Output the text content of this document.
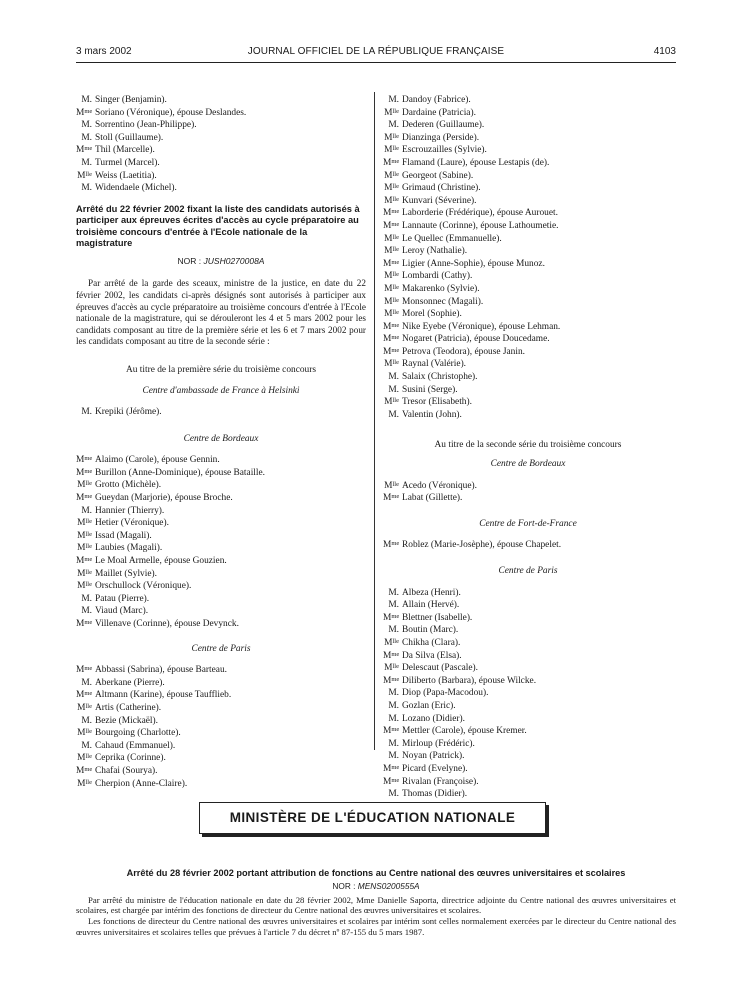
3 mars 2002	JOURNAL OFFICIEL DE LA RÉPUBLIQUE FRANÇAISE	4103
M. Singer (Benjamin).
$M^{me}$ Soriano (Véronique), épouse Deslandes.
M. Sorrentino (Jean-Philippe).
M. Stoll (Guillaume).
$M^{me}$ Thil (Marcelle).
M. Turmel (Marcel).
$M^{lle}$ Weiss (Laetitia).
M. Widendaele (Michel).
Arrêté du 22 février 2002 fixant la liste des candidats autorisés à participer aux épreuves écrites d'accès au cycle préparatoire au troisième concours d'entrée à l'Ecole nationale de la magistrature
NOR : JUSH0270008A
Par arrêté de la garde des sceaux, ministre de la justice, en date du 22 février 2002, les candidats ci-après désignés sont autorisés à participer aux épreuves d'accès au cycle préparatoire au troisième concours d'entrée à l'Ecole nationale de la magistrature, qui se dérouleront les 4 et 5 mars 2002 pour les candidats composant au titre de la première série et les 6 et 7 mars 2002 pour les candidats composant au titre de la seconde série :
Au titre de la première série du troisième concours
Centre d'ambassade de France à Helsinki
M. Krepiki (Jérôme).
Centre de Bordeaux
$M^{me}$ Alaimo (Carole), épouse Gennin.
$M^{me}$ Burillon (Anne-Dominique), épouse Bataille.
$M^{lle}$ Grotto (Michèle).
$M^{me}$ Gueydan (Marjorie), épouse Broche.
M. Hannier (Thierry).
$M^{lle}$ Hetier (Véronique).
$M^{lle}$ Issad (Magali).
$M^{lle}$ Laubies (Magali).
$M^{me}$ Le Moal Armelle, épouse Gouzien.
$M^{lle}$ Maillet (Sylvie).
$M^{lle}$ Orschullock (Véronique).
M. Patau (Pierre).
M. Viaud (Marc).
$M^{me}$ Villenave (Corinne), épouse Devynck.
Centre de Paris
$M^{me}$ Abbassi (Sabrina), épouse Barteau.
M. Aberkane (Pierre).
$M^{me}$ Altmann (Karine), épouse Taufflieb.
$M^{lle}$ Artis (Catherine).
M. Bezie (Mickaël).
$M^{lle}$ Bourgoing (Charlotte).
M. Cahaud (Emmanuel).
$M^{lle}$ Ceprika (Corinne).
$M^{me}$ Chafai (Sourya).
$M^{lle}$ Cherpion (Anne-Claire).
M. Dandoy (Fabrice).
$M^{lle}$ Dardaine (Patricia).
M. Dederen (Guillaume).
$M^{lle}$ Dianzinga (Perside).
$M^{lle}$ Escrouzailles (Sylvie).
$M^{me}$ Flamand (Laure), épouse Lestapis (de).
$M^{lle}$ Georgeot (Sabine).
$M^{lle}$ Grimaud (Christine).
$M^{lle}$ Kunvari (Séverine).
$M^{me}$ Laborderie (Frédérique), épouse Aurouet.
$M^{me}$ Lannaute (Corinne), épouse Lathoumetie.
$M^{lle}$ Le Quellec (Emmanuelle).
$M^{lle}$ Leroy (Nathalie).
$M^{me}$ Ligier (Anne-Sophie), épouse Munoz.
$M^{lle}$ Lombardi (Cathy).
$M^{lle}$ Makarenko (Sylvie).
$M^{lle}$ Monsonnec (Magali).
$M^{lle}$ Morel (Sophie).
$M^{me}$ Nike Eyebe (Véronique), épouse Lehman.
$M^{me}$ Nogaret (Patricia), épouse Doucedame.
$M^{me}$ Petrova (Teodora), épouse Janin.
$M^{lle}$ Raynal (Valérie).
M. Salaix (Christophe).
M. Susini (Serge).
$M^{lle}$ Tresor (Elisabeth).
M. Valentin (John).
Au titre de la seconde série du troisième concours
Centre de Bordeaux
$M^{lle}$ Acedo (Véronique).
$M^{me}$ Labat (Gillette).
Centre de Fort-de-France
$M^{me}$ Roblez (Marie-Josèphe), épouse Chapelet.
Centre de Paris
M. Albeza (Henri).
M. Allain (Hervé).
$M^{me}$ Blettner (Isabelle).
M. Boutin (Marc).
$M^{lle}$ Chikha (Clara).
$M^{me}$ Da Silva (Elsa).
$M^{lle}$ Delescaut (Pascale).
$M^{me}$ Diliberto (Barbara), épouse Wilcke.
M. Diop (Papa-Macodou).
M. Gozlan (Eric).
M. Lozano (Didier).
$M^{me}$ Mettler (Carole), épouse Kremer.
M. Mirloup (Frédéric).
M. Noyan (Patrick).
$M^{me}$ Picard (Evelyne).
$M^{me}$ Rivalan (Françoise).
M. Thomas (Didier).
MINISTÈRE DE L'ÉDUCATION NATIONALE
Arrêté du 28 février 2002 portant attribution de fonctions au Centre national des œuvres universitaires et scolaires
NOR : MENS0200555A
Par arrêté du ministre de l'éducation nationale en date du 28 février 2002, Mme Danielle Saporta, directrice adjointe du Centre national des œuvres universitaires et scolaires, est chargée par intérim des fonctions de directeur du Centre national des œuvres universitaires et scolaires.
Les fonctions de directeur du Centre national des œuvres universitaires et scolaires par intérim sont celles normalement exercées par le directeur du Centre national des œuvres universitaires et scolaires telles que prévues à l'article 7 du décret nº 87-155 du 5 mars 1987.
